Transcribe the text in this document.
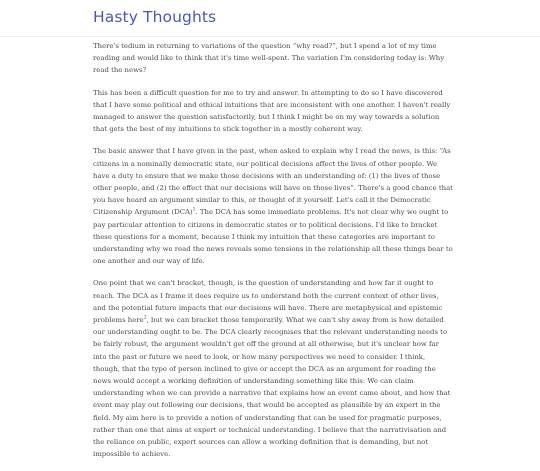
Hasty Thoughts

There's tedium in returning to variations of the question “why read?”, but I spend a lot of my time reading and would like to think that it's time well-spent. The variation I'm considering today is: Why read the news?

This has been a difficult question for me to try and answer. In attempting to do so I have discovered that I have some political and ethical intuitions that are inconsistent with one another. I haven't really managed to answer the question satisfactorily, but I think I might be on my way towards a solution that gets the best of my intuitions to stick together in a mostly coherent way.

The basic answer that I have given in the past, when asked to explain why I read the news, is this: “As citizens in a nominally democratic state, our political decisions affect the lives of other people. We have a duty to ensure that we make those decisions with an understanding of: (1) the lives of those other people, and (2) the effect that our decisions will have on those lives”. There's a good chance that you have heard an argument similar to this, or thought of it yourself. Let's call it the Democratic Citizenship Argument (DCA)$^1$. The DCA has some immediate problems. It's not clear why we ought to pay particular attention to citizens in democratic states or to political decisions. I'd like to bracket these questions for a moment, because I think my intuition that these categories are important to understanding why we read the news reveals some tensions in the relationship all these things bear to one another and our way of life.

One point that we can't bracket, though, is the question of understanding and how far it ought to reach. The DCA as I frame it does require us to understand both the current context of other lives, and the potential future impacts that our decisions will have. There are metaphysical and epistemic problems here$^2$, but we can bracket those temporarily. What we can't shy away from is how detailed our understanding ought to be. The DCA clearly recognises that the relevant understanding needs to be fairly robust, the argument wouldn't get off the ground at all otherwise, but it's unclear how far into the past or future we need to look, or how many perspectives we need to consider. I think, though, that the type of person inclined to give or accept the DCA as an argument for reading the news would accept a working definition of understanding something like this: We can claim understanding when we can provide a narrative that explains how an event came about, and how that event may play out following our decisions, that would be accepted as plausible by an expert in the field. My aim here is to provide a notion of understanding that can be used for pragmatic purposes, rather than one that aims at expert or technical understanding. I believe that the narrativisation and the reliance on public, expert sources can allow a working definition that is demanding, but not impossible to achieve.
